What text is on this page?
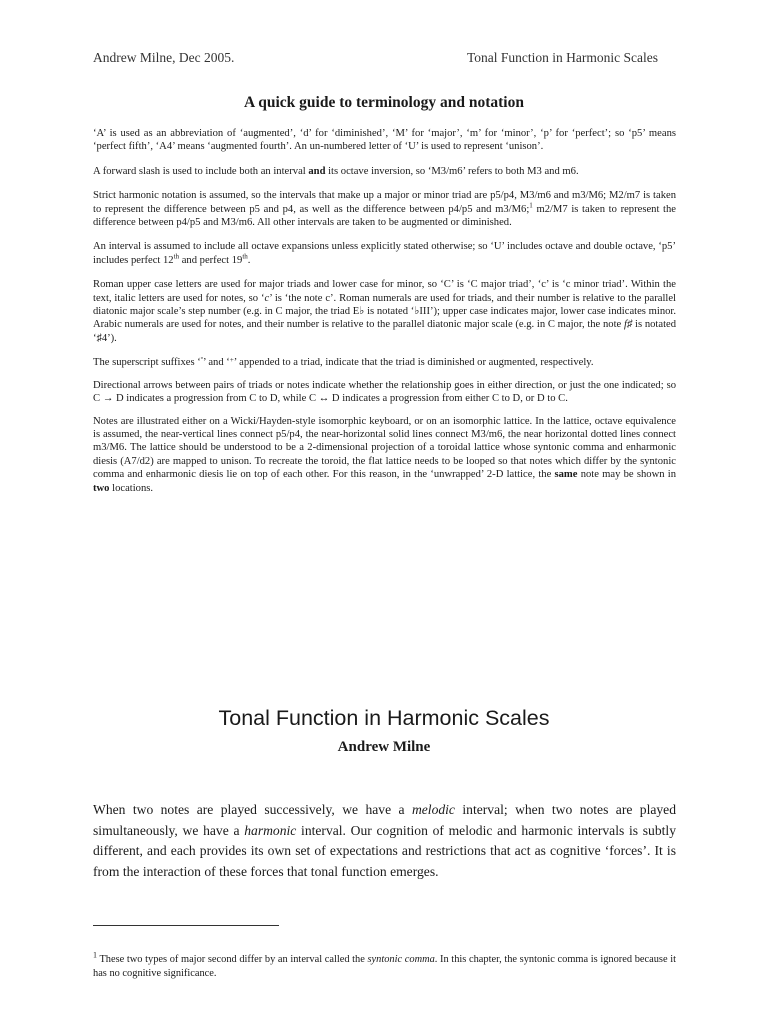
Andrew Milne, Dec 2005.	Tonal Function in Harmonic Scales
A quick guide to terminology and notation

‘A’ is used as an abbreviation of ‘augmented’, ‘d’ for ‘diminished’, ‘M’ for ‘major’, ‘m’ for ‘minor’, ‘p’ for ‘perfect’; so ‘p5’ means ‘perfect fifth’, ‘A4’ means ‘augmented fourth’. An un-numbered letter of ‘U’ is used to represent ‘unison’.

A forward slash is used to include both an interval and its octave inversion, so ‘M3/m6’ refers to both M3 and m6.

Strict harmonic notation is assumed, so the intervals that make up a major or minor triad are p5/p4, M3/m6 and m3/M6; M2/m7 is taken to represent the difference between p5 and p4, as well as the difference between p4/p5 and m3/M6;$^1$ m2/M7 is taken to represent the difference between p4/p5 and M3/m6. All other intervals are taken to be augmented or diminished.

An interval is assumed to include all octave expansions unless explicitly stated otherwise; so ‘U’ includes octave and double octave, ‘p5’ includes perfect 12th and perfect 19th.

Roman upper case letters are used for major triads and lower case for minor, so ‘C’ is ‘C major triad’, ‘c’ is ‘c minor triad’. Within the text, italic letters are used for notes, so ‘c’ is ‘the note c’. Roman numerals are used for triads, and their number is relative to the parallel diatonic major scale’s step number (e.g. in C major, the triad E♭ is notated ‘♭III’); upper case indicates major, lower case indicates minor. Arabic numerals are used for notes, and their number is relative to the parallel diatonic major scale (e.g. in C major, the note f♯ is notated ‘♯4’).

The superscript suffixes ‘$^º$’ and ‘+’ appended to a triad, indicate that the triad is diminished or augmented, respectively.

Directional arrows between pairs of triads or notes indicate whether the relationship goes in either direction, or just the one indicated; so C → D indicates a progression from C to D, while C ↔ D indicates a progression from either C to D, or D to C.

Notes are illustrated either on a Wicki/Hayden-style isomorphic keyboard, or on an isomorphic lattice. In the lattice, octave equivalence is assumed, the near-vertical lines connect p5/p4, the near-horizontal solid lines connect M3/m6, the near horizontal dotted lines connect m3/M6. The lattice should be understood to be a 2-dimensional projection of a toroidal lattice whose syntonic comma and enharmonic diesis (A7/d2) are mapped to unison. To recreate the toroid, the flat lattice needs to be looped so that notes which differ by the syntonic comma and enharmonic diesis lie on top of each other. For this reason, in the ‘unwrapped’ 2-D lattice, the same note may be shown in two locations.

Tonal Function in Harmonic Scales
Andrew Milne

When two notes are played successively, we have a melodic interval; when two notes are played simultaneously, we have a harmonic interval. Our cognition of melodic and harmonic intervals is subtly different, and each provides its own set of expectations and restrictions that act as cognitive ‘forces’. It is from the interaction of these forces that tonal function emerges.

$^1$ These two types of major second differ by an interval called the syntonic comma. In this chapter, the syntonic comma is ignored because it has no cognitive significance.
